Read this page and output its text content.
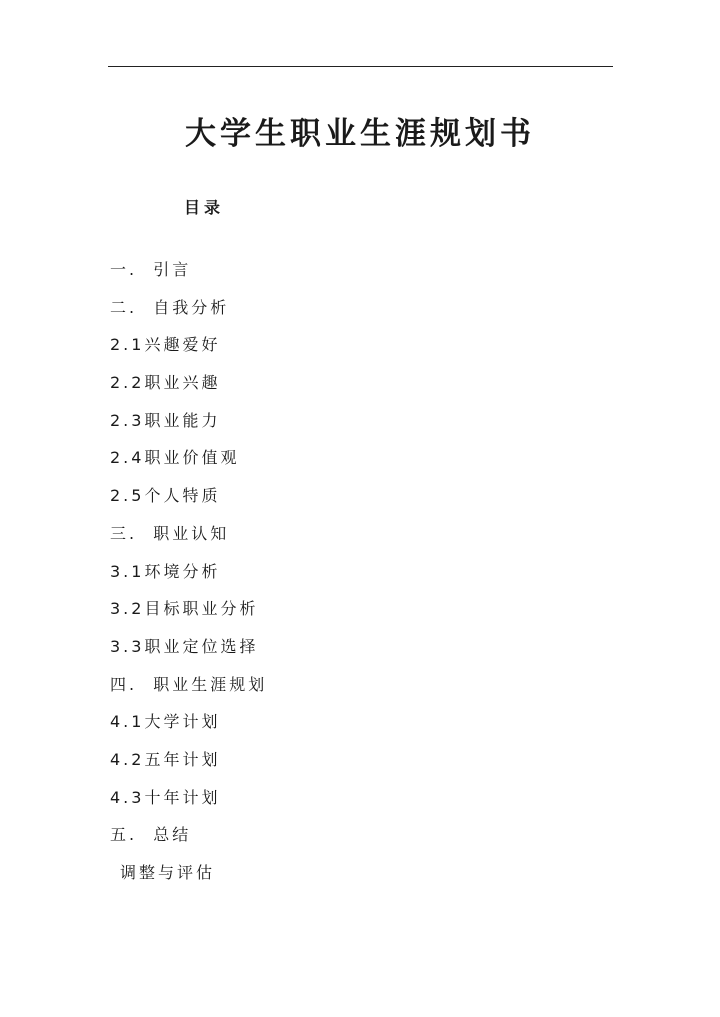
大学生职业生涯规划书
目录
一.  引言
二.  自我分析
2.1兴趣爱好
2.2职业兴趣
2.3职业能力
2.4职业价值观
2.5个人特质
三.  职业认知
3.1环境分析
3.2目标职业分析
3.3职业定位选择
四.  职业生涯规划
4.1大学计划
4.2五年计划
4.3十年计划
五.  总结
调整与评估
